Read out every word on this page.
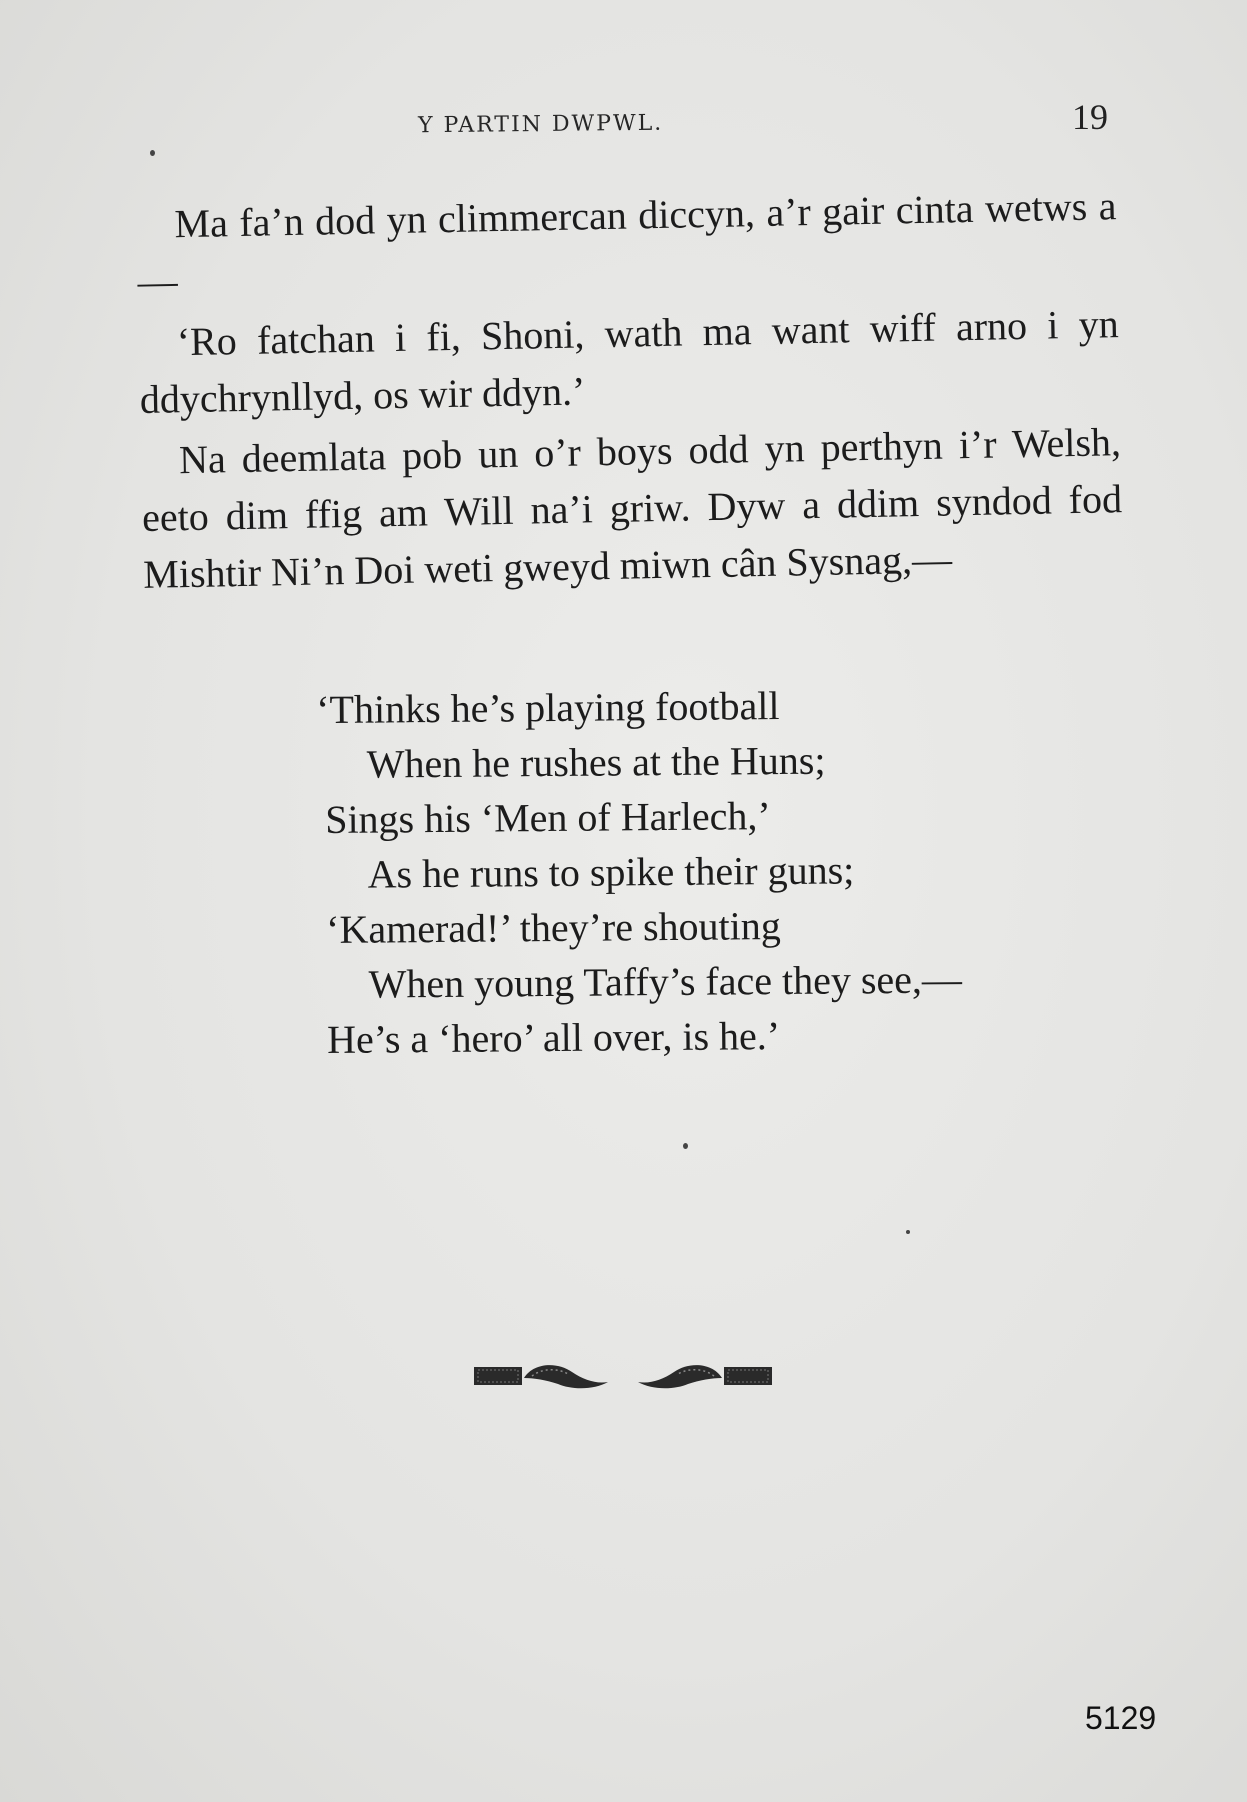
Y PARTIN DWPWL.	19

Ma fa’n dod yn climmercan diccyn, a’r gair cinta wetws a—

‘Ro fatchan i fi, Shoni, wath ma want wiff arno i yn ddychrynllyd, os wir ddyn.’

Na deemlata pob un o’r boys odd yn perthyn i’r Welsh, eeto dim ffig am Will na’i griw. Dyw a ddim syndod fod Mishtir Ni’n Doi weti gweyd miwn cân Sysnag,—

‘Thinks he’s playing football
When he rushes at the Huns;
Sings his ‘Men of Harlech,’
As he runs to spike their guns;
‘Kamerad!’ they’re shouting
When young Taffy’s face they see,—
He’s a ‘hero’ all over, is he.’
5129
